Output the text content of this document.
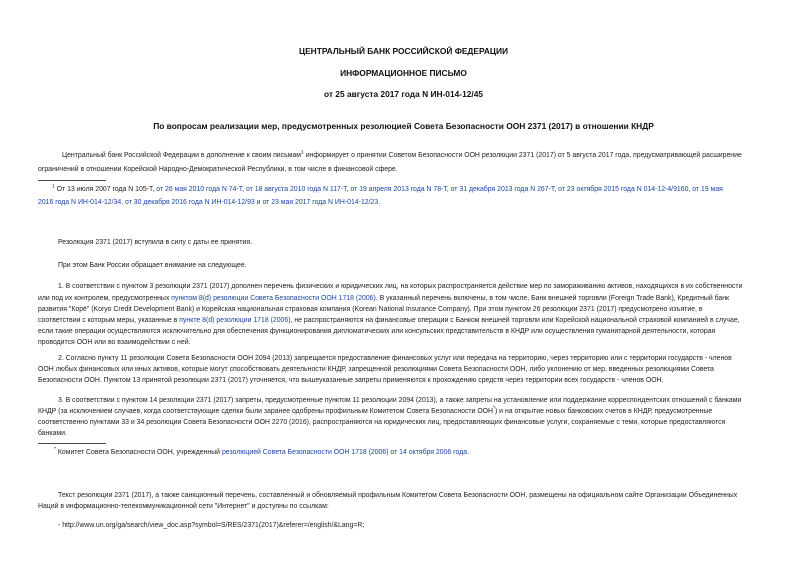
ЦЕНТРАЛЬНЫЙ БАНК РОССИЙСКОЙ ФЕДЕРАЦИИ
ИНФОРМАЦИОННОЕ ПИСЬМО
от 25 августа 2017 года N ИН-014-12/45
По вопросам реализации мер, предусмотренных резолюцией Совета Безопасности ООН 2371 (2017) в отношении КНДР
Центральный банк Российской Федерации в дополнение к своим письмам$^1$ информирует о принятии Советом Безопасности ООН резолюции 2371 (2017) от 5 августа 2017 года, предусматривающей расширение
ограничений в отношении Корейской Народно-Демократической Республики, в том числе в финансовой сфере.
$^1$ От 13 июля 2007 года N 105-Т, от 26 мая 2010 года N 74-Т, от 18 августа 2010 года N 117-Т, от 19 апреля 2013 года N 78-Т, от 31 декабря 2013 года N 267-Т, от 23 октября 2015 года N 014-12-4/9160, от 19 мая
2016 года N ИН-014-12/34, от 30 декабря 2016 года N ИН-014-12/93 и от 23 мая 2017 года N ИН-014-12/23.
Резолюция 2371 (2017) вступила в силу с даты ее принятия.
При этом Банк России обращает внимание на следующее.
1. В соответствии с пунктом 3 резолюции 2371 (2017) дополнен перечень физических и юридических лиц, на которых распространяется действие мер по замораживанию активов, находящихся в их собственности
или под их контролем, предусмотренных пунктом 8(d) резолюции Совета Безопасности ООН 1718 (2006). В указанный перечень включены, в том числе, Банк внешней торговли (Foreign Trade Bank), Кредитный банк
развития "Корё" (Koryo Credit Development Bank) и Корейская национальная страховая компания (Korean National Insurance Company). При этом пунктом 26 резолюции 2371 (2017) предусмотрено изъятие, в
соответствии с которым меры, указанные в пункте 8(d) резолюции 1718 (2006), не распространяются на финансовые операции с Банком внешней торговли или Корейской национальной страховой компанией в случае,
если такие операции осуществляются исключительно для обеспечения функционирования дипломатических или консульских представительств в КНДР или осуществления гуманитарной деятельности, которая
проводится ООН или во взаимодействии с ней.
2. Согласно пункту 11 резолюции Совета Безопасности ООН 2094 (2013) запрещается предоставление финансовых услуг или передача на территорию, через территорию или с территории государств - членов
ООН любых финансовых или иных активов, которые могут способствовать деятельности КНДР, запрещенной резолюциями Совета Безопасности ООН, либо уклонению от мер, введенных резолюциями Совета
Безопасности ООН. Пунктом 13 принятой резолюции 2371 (2017) уточняется, что вышеуказанные запреты применяются к прохождению средств через территории всех государств - членов ООН.
3. В соответствии с пунктом 14 резолюции 2371 (2017) запреты, предусмотренные пунктом 11 резолюции 2094 (2013), а также запреты на установление или поддержание корреспондентских отношений с банками
КНДР (за исключением случаев, когда соответствующие сделки были заранее одобрены профильным Комитетом Совета Безопасности ООН*) и на открытие новых банковских счетов в КНДР, предусмотренные
соответственно пунктами 33 и 34 резолюции Совета Безопасности ООН 2270 (2016), распространяются на юридических лиц, предоставляющих финансовые услуги, сохраняемые с теми, которые предоставляются
банками.
* Комитет Совета Безопасности ООН, учрежденный резолюцией Совета Безопасности ООН 1718 (2006) от 14 октября 2006 года.
Текст резолюции 2371 (2017), а также санкционный перечень, составленный и обновляемый профильным Комитетом Совета Безопасности ООН, размещены на официальном сайте Организации Объединенных
Наций в информационно-телекоммуникационной сети "Интернет" и доступны по ссылкам:
- http://www.un.org/ga/search/view_doc.asp?symbol=S/RES/2371(2017)&referer=/english/&Lang=R;
